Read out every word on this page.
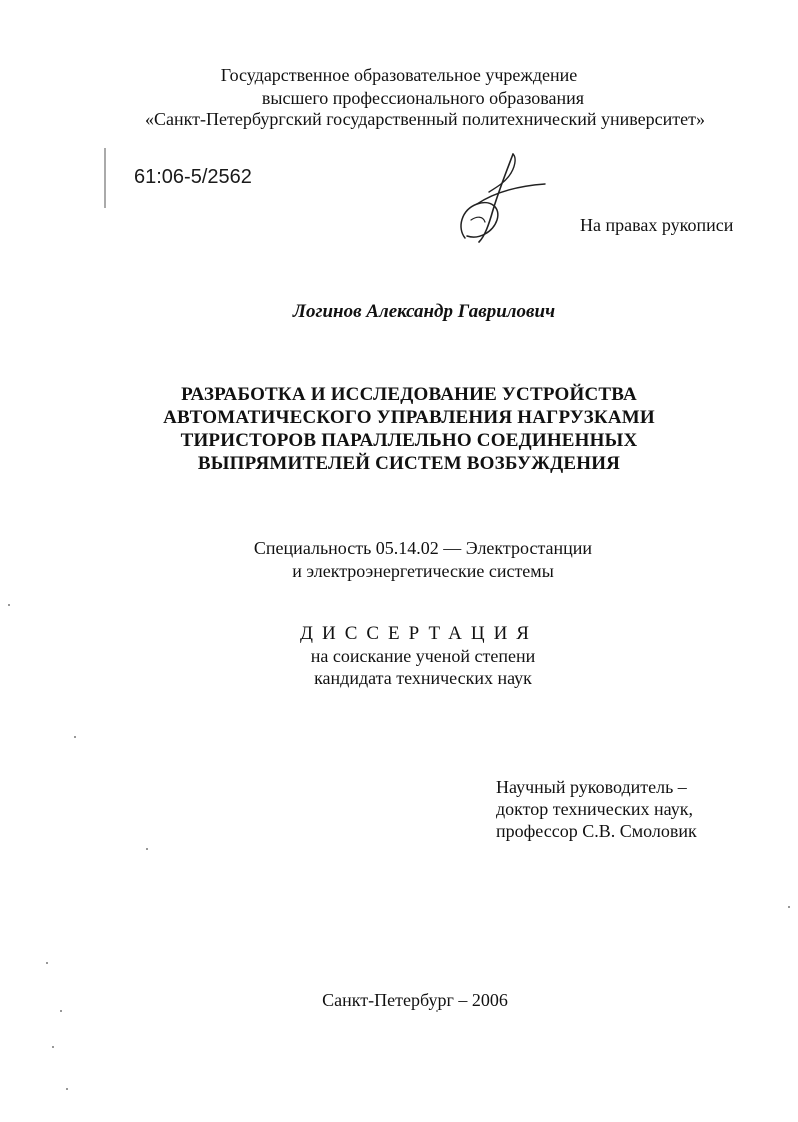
Государственное образовательное учреждение
высшего профессионального образования
«Санкт-Петербургский государственный политехнический университет»
61:06-5/2562
На правах рукописи
Логинов Александр Гаврилович
РАЗРАБОТКА И ИССЛЕДОВАНИЕ УСТРОЙСТВА
АВТОМАТИЧЕСКОГО УПРАВЛЕНИЯ НАГРУЗКАМИ
ТИРИСТОРОВ ПАРАЛЛЕЛЬНО СОЕДИНЕННЫХ
ВЫПРЯМИТЕЛЕЙ СИСТЕМ ВОЗБУЖДЕНИЯ
Специальность 05.14.02 — Электростанции
и электроэнергетические системы
ДИССЕРТАЦИЯ
на соискание ученой степени
кандидата технических наук
Научный руководитель –
доктор технических наук,
профессор С.В. Смоловик
Санкт-Петербург – 2006
